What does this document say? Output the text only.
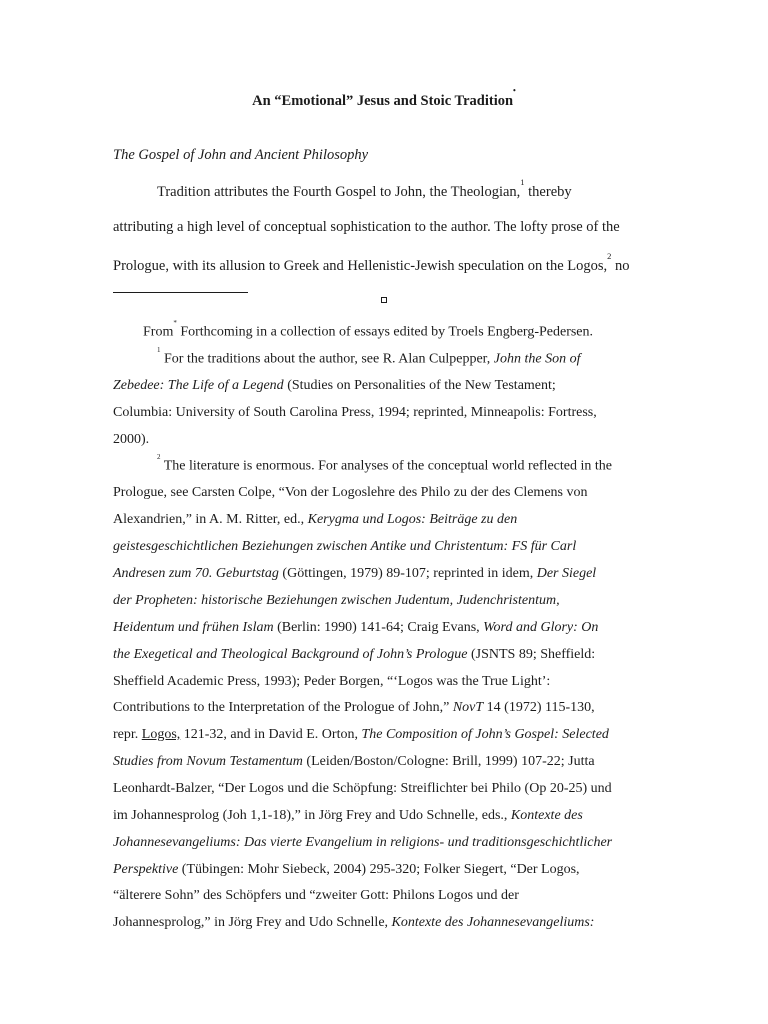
An “Emotional” Jesus and Stoic Tradition•
The Gospel of John and Ancient Philosophy
Tradition attributes the Fourth Gospel to John, the Theologian,$^1$ thereby
attributing a high level of conceptual sophistication to the author. The lofty prose of the
Prologue, with its allusion to Greek and Hellenistic-Jewish speculation on the Logos,$^2$ no
From* Forthcoming in a collection of essays edited by Troels Engberg-Pedersen.
$^1$ For the traditions about the author, see R. Alan Culpepper, John the Son of
Zebedee: The Life of a Legend (Studies on Personalities of the New Testament;
Columbia: University of South Carolina Press, 1994; reprinted, Minneapolis: Fortress,
2000).
$^2$ The literature is enormous. For analyses of the conceptual world reflected in the
Prologue, see Carsten Colpe, “Von der Logoslehre des Philo zu der des Clemens von
Alexandrien,” in A. M. Ritter, ed., Kerygma und Logos: Beiträge zu den
geistesgeschichtlichen Beziehungen zwischen Antike und Christentum: FS für Carl
Andresen zum 70. Geburtstag (Göttingen, 1979) 89-107; reprinted in idem, Der Siegel
der Propheten: historische Beziehungen zwischen Judentum, Judenchristentum,
Heidentum und frühen Islam (Berlin: 1990) 141-64; Craig Evans, Word and Glory: On
the Exegetical and Theological Background of John’s Prologue (JSNTS 89; Sheffield:
Sheffield Academic Press, 1993); Peder Borgen, “‘Logos was the True Light’:
Contributions to the Interpretation of the Prologue of John,” NovT 14 (1972) 115-130,
repr. Logos, 121-32, and in David E. Orton, The Composition of John’s Gospel: Selected
Studies from Novum Testamentum (Leiden/Boston/Cologne: Brill, 1999) 107-22; Jutta
Leonhardt-Balzer, “Der Logos und die Schöpfung: Streiflichter bei Philo (Op 20-25) und
im Johannesprolog (Joh 1,1-18),” in Jörg Frey and Udo Schnelle, eds., Kontexte des
Johannesevangeliums: Das vierte Evangelium in religions- und traditionsgeschichtlicher
Perspektive (Tübingen: Mohr Siebeck, 2004) 295-320; Folker Siegert, “Der Logos,
“älterere Sohn” des Schöpfers und “zweiter Gott: Philons Logos und der
Johannesprolog,” in Jörg Frey and Udo Schnelle, Kontexte des Johannesevangeliums:
